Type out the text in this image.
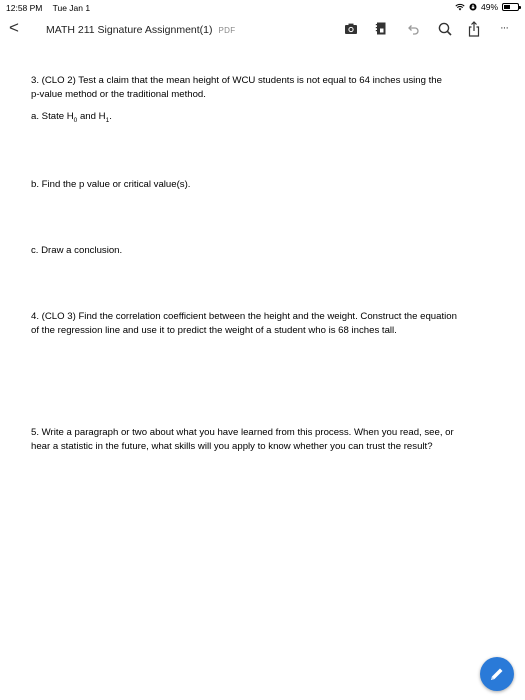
12:58 PM Tue Jan 1	49%
<	MATH 211 Signature Assignment(1) PDF	···
3. (CLO 2) Test a claim that the mean height of WCU students is not equal to 64 inches using the
p-value method or the traditional method.
a. State $H_0$ and $H_1$.
b. Find the p value or critical value(s).
c. Draw a conclusion.
4. (CLO 3) Find the correlation coefficient between the height and the weight. Construct the equation
of the regression line and use it to predict the weight of a student who is 68 inches tall.
5. Write a paragraph or two about what you have learned from this process. When you read, see, or
hear a statistic in the future, what skills will you apply to know whether you can trust the result?
